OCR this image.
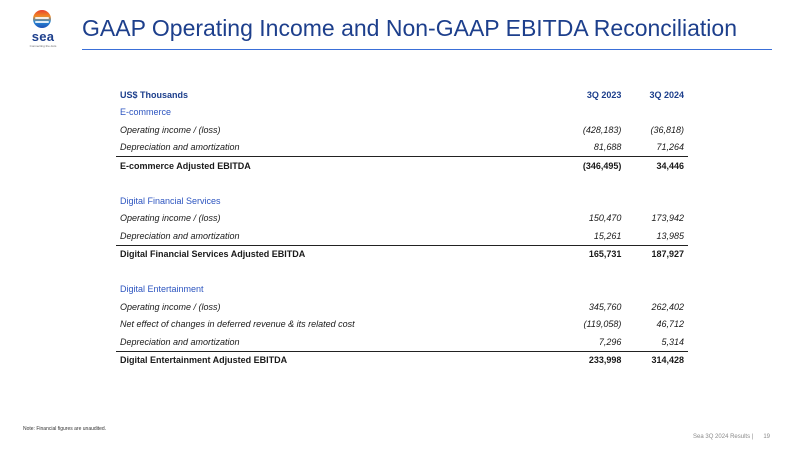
sea
Connecting the dots
GAAP Operating Income and Non-GAAP EBITDA Reconciliation
US$ Thousands	3Q 2023	3Q 2024
E-commerce		
Operating income / (loss)	(428,183)	(36,818)
Depreciation and amortization	81,688	71,264
E-commerce Adjusted EBITDA	(346,495)	34,446

Digital Financial Services		
Operating income / (loss)	150,470	173,942
Depreciation and amortization	15,261	13,985
Digital Financial Services Adjusted EBITDA	165,731	187,927

Digital Entertainment		
Operating income / (loss)	345,760	262,402
Net effect of changes in deferred revenue & its related cost	(119,058)	46,712
Depreciation and amortization	7,296	5,314
Digital Entertainment Adjusted EBITDA	233,998	314,428
Note: Financial figures are unaudited.
Sea 3Q 2024 Results | 19
